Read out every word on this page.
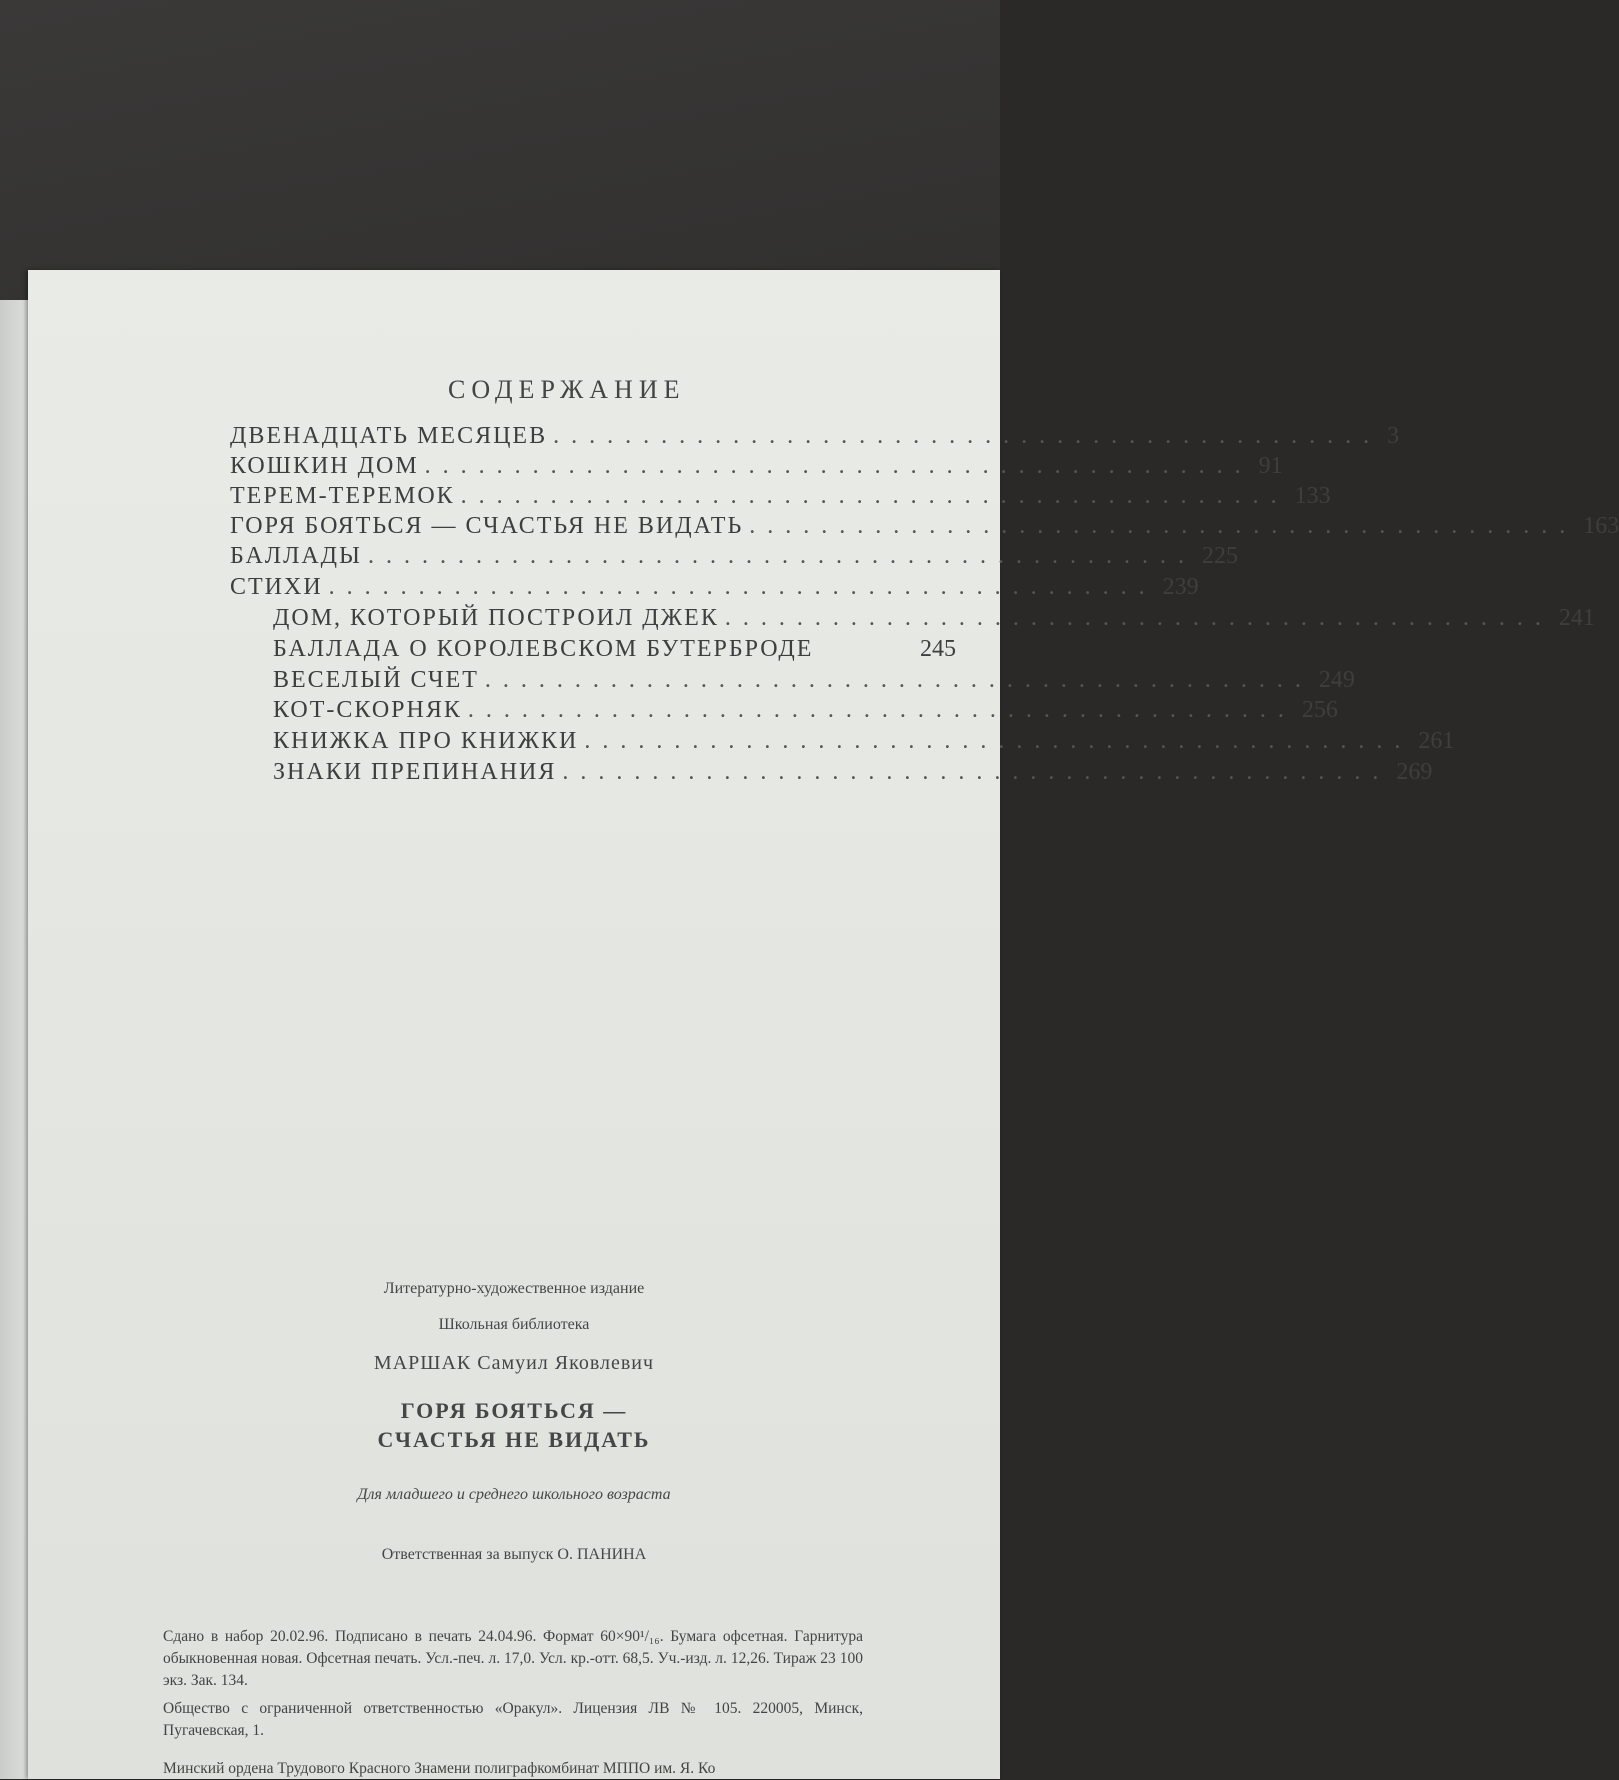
СОДЕРЖАНИЕ
ДВЕНАДЦАТЬ МЕСЯЦЕВ .............................................. 3
КОШКИН ДОМ .............................................. 91
ТЕРЕМ-ТЕРЕМОК .............................................. 133
ГОРЯ БОЯТЬСЯ — СЧАСТЬЯ НЕ ВИДАТЬ .............................................. 163
БАЛЛАДЫ .............................................. 225
СТИХИ .............................................. 239
ДОМ, КОТОРЫЙ ПОСТРОИЛ ДЖЕК .............................................. 241
БАЛЛАДА О КОРОЛЕВСКОМ БУТЕРБРОДЕ	245
ВЕСЕЛЫЙ СЧЕТ .............................................. 249
КОТ-СКОРНЯК .............................................. 256
КНИЖКА ПРО КНИЖКИ .............................................. 261
ЗНАКИ ПРЕПИНАНИЯ .............................................. 269
Литературно-художественное издание
Школьная библиотека
МАРШАК Самуил Яковлевич
ГОРЯ БОЯТЬСЯ —
СЧАСТЬЯ НЕ ВИДАТЬ
Для младшего и среднего школьного возраста
Ответственная за выпуск О. ПАНИНА
Сдано в набор 20.02.96. Подписано в печать 24.04.96. Формат 60×90¹/₁₆. Бумага офсетная. Гарнитура обыкновенная новая. Офсетная печать. Усл.-печ. л. 17,0. Усл. кр.-отт. 68,5. Уч.-изд. л. 12,26. Тираж 23 100 экз. Зак. 134.
Общество с ограниченной ответственностью «Оракул». Лицензия ЛВ № 105. 220005, Минск, Пугачевская, 1.
Минский ордена Трудового Красного Знамени полиграфкомбинат МППО им. Я. Ко
